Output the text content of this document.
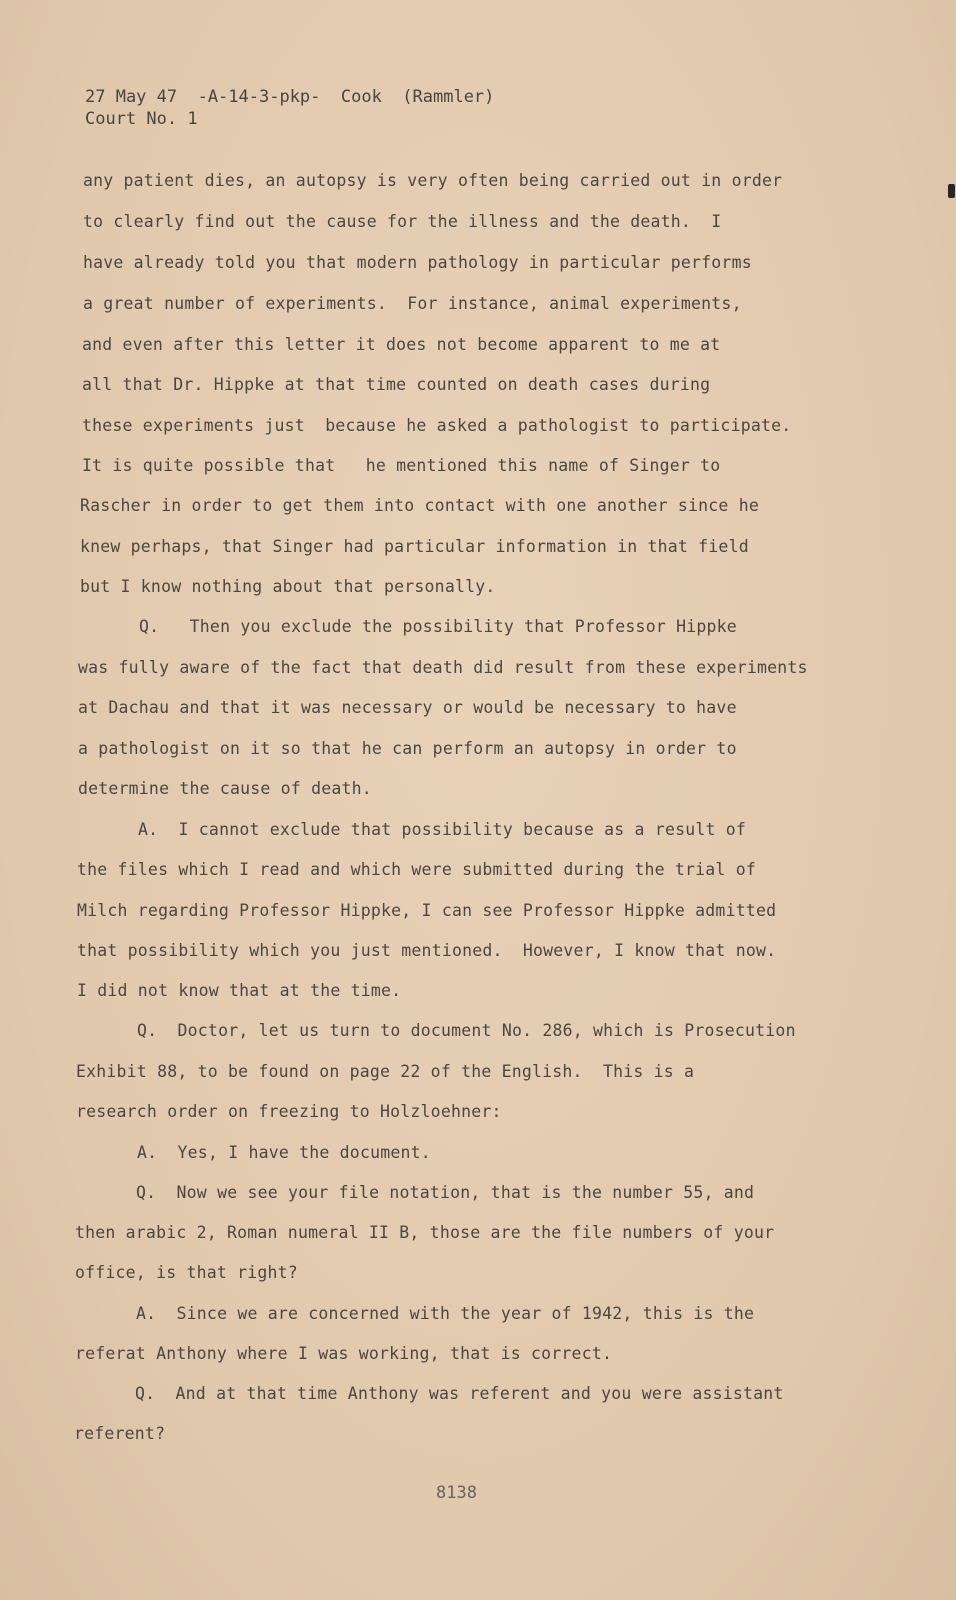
27 May 47  -A-14-3-pkp-  Cook  (Rammler)
Court No. 1
any patient dies, an autopsy is very often being carried out in order
to clearly find out the cause for the illness and the death.  I
have already told you that modern pathology in particular performs
a great number of experiments.  For instance, animal experiments,
and even after this letter it does not become apparent to me at
all that Dr. Hippke at that time counted on death cases during
these experiments just  because he asked a pathologist to participate.
It is quite possible that   he mentioned this name of Singer to
Rascher in order to get them into contact with one another since he
knew perhaps, that Singer had particular information in that field
but I know nothing about that personally.
Q.   Then you exclude the possibility that Professor Hippke
was fully aware of the fact that death did result from these experiments
at Dachau and that it was necessary or would be necessary to have
a pathologist on it so that he can perform an autopsy in order to
determine the cause of death.
A.  I cannot exclude that possibility because as a result of
the files which I read and which were submitted during the trial of
Milch regarding Professor Hippke, I can see Professor Hippke admitted
that possibility which you just mentioned.  However, I know that now.
I did not know that at the time.
Q.  Doctor, let us turn to document No. 286, which is Prosecution
Exhibit 88, to be found on page 22 of the English.  This is a
research order on freezing to Holzloehner:
A.  Yes, I have the document.
Q.  Now we see your file notation, that is the number 55, and
then arabic 2, Roman numeral II B, those are the file numbers of your
office, is that right?
A.  Since we are concerned with the year of 1942, this is the
referat Anthony where I was working, that is correct.
Q.  And at that time Anthony was referent and you were assistant
referent?
8138
